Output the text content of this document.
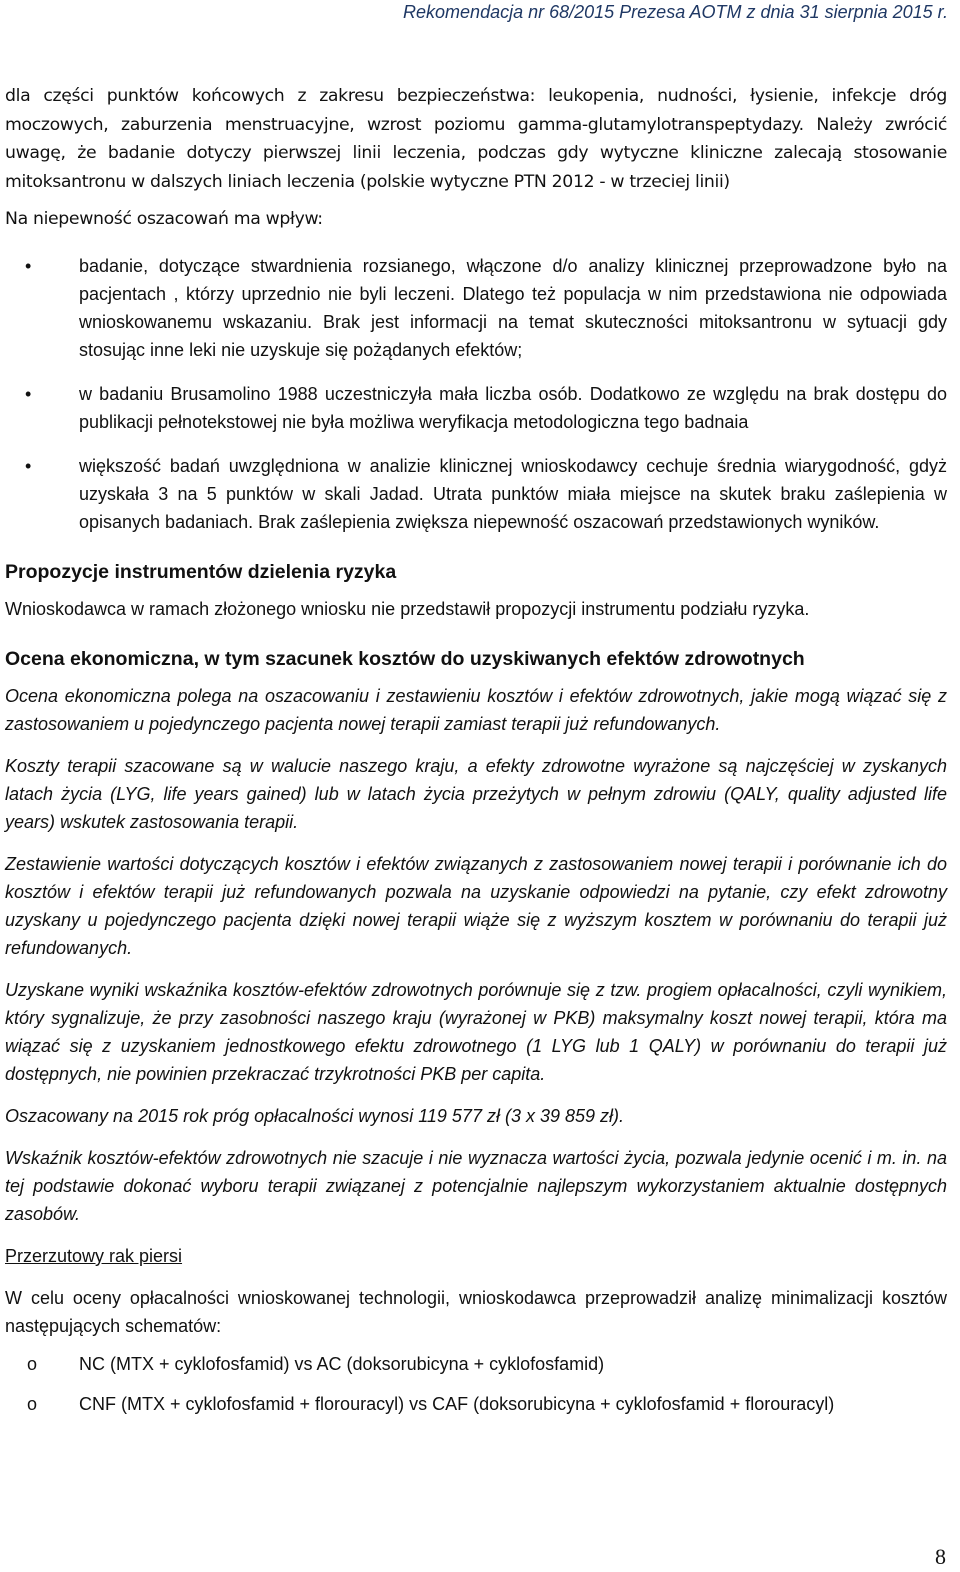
Rekomendacja nr 68/2015 Prezesa AOTM z dnia 31 sierpnia 2015 r.

dla części punktów końcowych z zakresu bezpieczeństwa: leukopenia, nudności, łysienie, infekcje dróg moczowych, zaburzenia menstruacyjne, wzrost poziomu gamma-glutamylotranspeptydazy. Należy zwrócić uwagę, że badanie dotyczy pierwszej linii leczenia, podczas gdy wytyczne kliniczne zalecają stosowanie mitoksantronu w dalszych liniach leczenia (polskie wytyczne PTN 2012 - w trzeciej linii)

Na niepewność oszacowań ma wpływ:

•	badanie, dotyczące stwardnienia rozsianego, włączone d/o analizy klinicznej przeprowadzone było na pacjentach , którzy uprzednio nie byli leczeni. Dlatego też populacja w nim przedstawiona nie odpowiada wnioskowanemu wskazaniu. Brak jest informacji na temat skuteczności mitoksantronu w sytuacji gdy stosując inne leki nie uzyskuje się pożądanych efektów;

•	w badaniu Brusamolino 1988 uczestniczyła mała liczba osób. Dodatkowo ze względu na brak dostępu do publikacji pełnotekstowej nie była możliwa weryfikacja metodologiczna tego badnaia

•	większość badań uwzględniona w analizie klinicznej wnioskodawcy cechuje średnia wiarygodność, gdyż uzyskała 3 na 5 punktów w skali Jadad. Utrata punktów miała miejsce na skutek braku zaślepienia w opisanych badaniach. Brak zaślepienia zwiększa niepewność oszacowań przedstawionych wyników.

Propozycje instrumentów dzielenia ryzyka

Wnioskodawca w ramach złożonego wniosku nie przedstawił propozycji instrumentu podziału ryzyka.

Ocena ekonomiczna, w tym szacunek kosztów do uzyskiwanych efektów zdrowotnych

Ocena ekonomiczna polega na oszacowaniu i zestawieniu kosztów i efektów zdrowotnych, jakie mogą wiązać się z zastosowaniem u pojedynczego pacjenta nowej terapii zamiast terapii już refundowanych.

Koszty terapii szacowane są w walucie naszego kraju, a efekty zdrowotne wyrażone są najczęściej w zyskanych latach życia (LYG, life years gained) lub w latach życia przeżytych w pełnym zdrowiu (QALY, quality adjusted life years) wskutek zastosowania terapii.

Zestawienie wartości dotyczących kosztów i efektów związanych z zastosowaniem nowej terapii i porównanie ich do kosztów i efektów terapii już refundowanych pozwala na uzyskanie odpowiedzi na pytanie, czy efekt zdrowotny uzyskany u pojedynczego pacjenta dzięki nowej terapii wiąże się z wyższym kosztem w porównaniu do terapii już refundowanych.

Uzyskane wyniki wskaźnika kosztów-efektów zdrowotnych porównuje się z tzw. progiem opłacalności, czyli wynikiem, który sygnalizuje, że przy zasobności naszego kraju (wyrażonej w PKB) maksymalny koszt nowej terapii, która ma wiązać się z uzyskaniem jednostkowego efektu zdrowotnego (1 LYG lub 1 QALY) w porównaniu do terapii już dostępnych, nie powinien przekraczać trzykrotności PKB per capita.

Oszacowany na 2015 rok próg opłacalności wynosi 119 577 zł (3 x 39 859 zł).

Wskaźnik kosztów-efektów zdrowotnych nie szacuje i nie wyznacza wartości życia, pozwala jedynie ocenić i m. in. na tej podstawie dokonać wyboru terapii związanej z potencjalnie najlepszym wykorzystaniem aktualnie dostępnych zasobów.

Przerzutowy rak piersi

W celu oceny opłacalności wnioskowanej technologii, wnioskodawca przeprowadził analizę minimalizacji kosztów następujących schematów:

o NC (MTX + cyklofosfamid) vs AC (doksorubicyna + cyklofosfamid)

o CNF (MTX + cyklofosfamid + florouracyl) vs CAF (doksorubicyna + cyklofosfamid + florouracyl)

8
